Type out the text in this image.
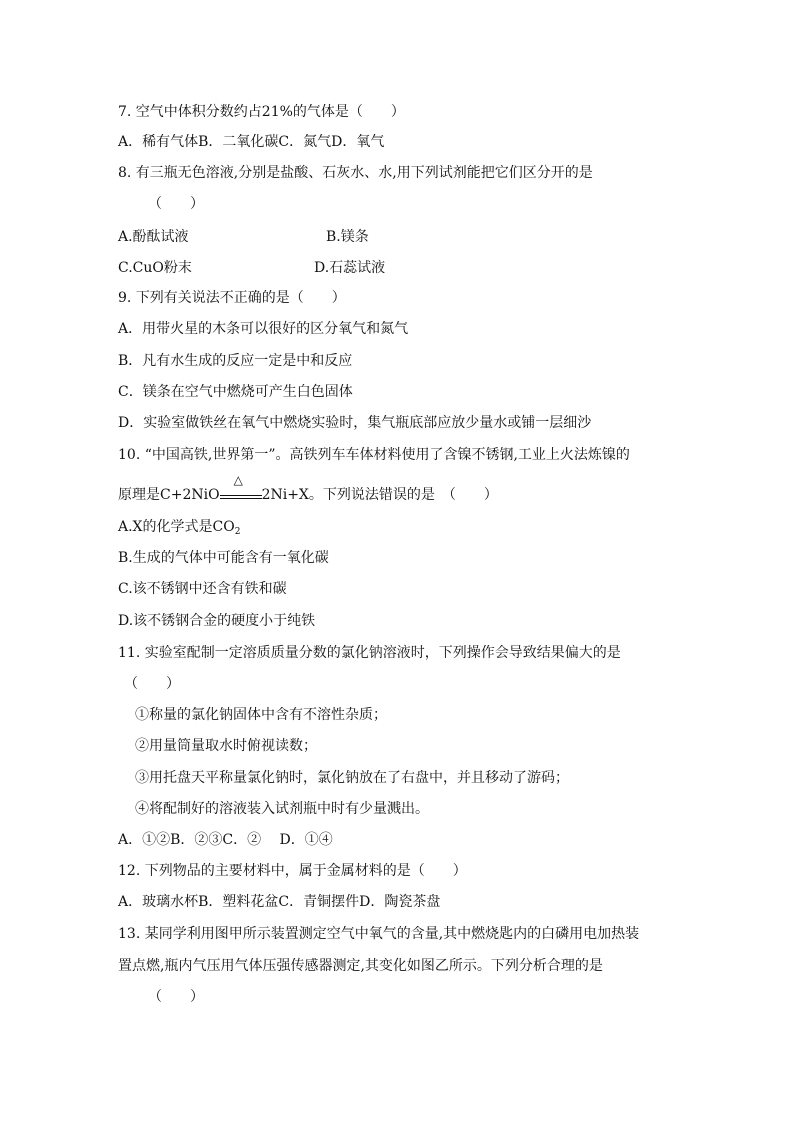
7. 空气中体积分数约占21%的气体是（　　）
A．稀有气体B．二氧化碳C．氮气D．氧气
8. 有三瓶无色溶液,分别是盐酸、石灰水、水,用下列试剂能把它们区分开的是
（　　）
A.酚酞试液	B.镁条
C.CuO粉末	D.石蕊试液
9. 下列有关说法不正确的是（　　）
A．用带火星的木条可以很好的区分氧气和氮气
B．凡有水生成的反应一定是中和反应
C．镁条在空气中燃烧可产生白色固体
D．实验室做铁丝在氧气中燃烧实验时，集气瓶底部应放少量水或铺一层细沙
10. “中国高铁,世界第一”。高铁列车车体材料使用了含镍不锈钢,工业上火法炼镍的
原理是C+2NiO
△
2Ni+X。下列说法错误的是　（　　）
A.X的化学式是$CO_2$
B.生成的气体中可能含有一氧化碳
C.该不锈钢中还含有铁和碳
D.该不锈钢合金的硬度小于纯铁
11. 实验室配制一定溶质质量分数的氯化钠溶液时，下列操作会导致结果偏大的是
（　　）
①称量的氯化钠固体中含有不溶性杂质；
②用量筒量取水时俯视读数；
③用托盘天平称量氯化钠时，氯化钠放在了右盘中，并且移动了游码；
④将配制好的溶液装入试剂瓶中时有少量溅出。
A．①②B．②③C．②　 D．①④
12. 下列物品的主要材料中，属于金属材料的是（　　）
A．玻璃水杯B．塑料花盆C．青铜摆件D．陶瓷茶盘
13. 某同学利用图甲所示装置测定空气中氧气的含量,其中燃烧匙内的白磷用电加热装
置点燃,瓶内气压用气体压强传感器测定,其变化如图乙所示。下列分析合理的是
（　　）
